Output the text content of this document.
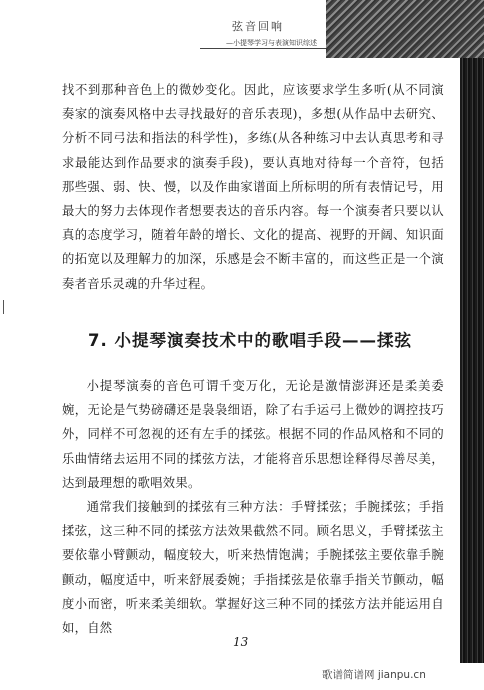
弦音回响
—小提琴学习与表演知识综述

找不到那种音色上的微妙变化。因此，应该要求学生多听(从不同演奏家的演奏风格中去寻找最好的音乐表现)，多想(从作品中去研究、分析不同弓法和指法的科学性)，多练(从各种练习中去认真思考和寻求最能达到作品要求的演奏手段)，要认真地对待每一个音符，包括那些强、弱、快、慢，以及作曲家谱面上所标明的所有表情记号，用最大的努力去体现作者想要表达的音乐内容。每一个演奏者只要以认真的态度学习，随着年龄的增长、文化的提高、视野的开阔、知识面的拓宽以及理解力的加深，乐感是会不断丰富的，而这些正是一个演奏者音乐灵魂的升华过程。

7. 小提琴演奏技术中的歌唱手段——揉弦

小提琴演奏的音色可谓千变万化，无论是激情澎湃还是柔美委婉，无论是气势磅礴还是袅袅细语，除了右手运弓上微妙的调控技巧外，同样不可忽视的还有左手的揉弦。根据不同的作品风格和不同的乐曲情绪去运用不同的揉弦方法，才能将音乐思想诠释得尽善尽美，达到最理想的歌唱效果。

通常我们接触到的揉弦有三种方法：手臂揉弦；手腕揉弦；手指揉弦，这三种不同的揉弦方法效果截然不同。顾名思义，手臂揉弦主要依靠小臂颤动，幅度较大，听来热情饱满；手腕揉弦主要依靠手腕颤动，幅度适中，听来舒展委婉；手指揉弦是依靠手指关节颤动，幅度小而密，听来柔美细软。掌握好这三种不同的揉弦方法并能运用自如，自然

13
歌谱简谱网 jianpu.cn
